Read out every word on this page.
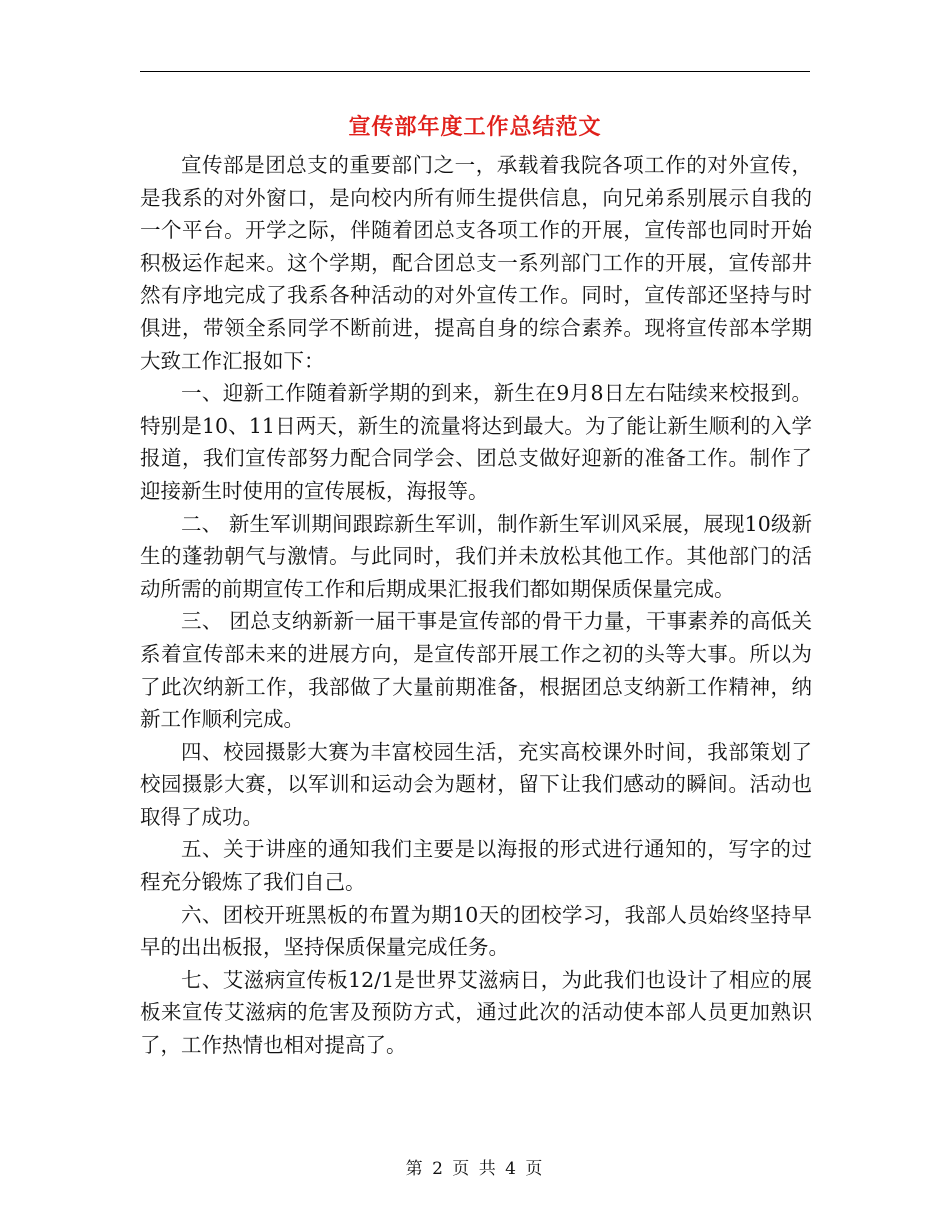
宣传部年度工作总结范文

宣传部是团总支的重要部门之一，承载着我院各项工作的对外宣传，是我系的对外窗口，是向校内所有师生提供信息，向兄弟系别展示自我的一个平台。开学之际，伴随着团总支各项工作的开展，宣传部也同时开始积极运作起来。这个学期，配合团总支一系列部门工作的开展，宣传部井然有序地完成了我系各种活动的对外宣传工作。同时，宣传部还坚持与时俱进，带领全系同学不断前进，提高自身的综合素养。现将宣传部本学期大致工作汇报如下：

一、迎新工作随着新学期的到来，新生在9月8日左右陆续来校报到。特别是10、11日两天，新生的流量将达到最大。为了能让新生顺利的入学报道，我们宣传部努力配合同学会、团总支做好迎新的准备工作。制作了迎接新生时使用的宣传展板，海报等。

二、 新生军训期间跟踪新生军训，制作新生军训风采展，展现10级新生的蓬勃朝气与激情。与此同时，我们并未放松其他工作。其他部门的活动所需的前期宣传工作和后期成果汇报我们都如期保质保量完成。

三、 团总支纳新新一届干事是宣传部的骨干力量，干事素养的高低关系着宣传部未来的进展方向，是宣传部开展工作之初的头等大事。所以为了此次纳新工作，我部做了大量前期准备，根据团总支纳新工作精神，纳新工作顺利完成。

四、校园摄影大赛为丰富校园生活，充实高校课外时间，我部策划了校园摄影大赛，以军训和运动会为题材，留下让我们感动的瞬间。活动也取得了成功。

五、关于讲座的通知我们主要是以海报的形式进行通知的，写字的过程充分锻炼了我们自己。

六、团校开班黑板的布置为期10天的团校学习，我部人员始终坚持早早的出出板报，坚持保质保量完成任务。

七、艾滋病宣传板12/1是世界艾滋病日，为此我们也设计了相应的展板来宣传艾滋病的危害及预防方式，通过此次的活动使本部人员更加熟识了，工作热情也相对提高了。

第 2 页 共 4 页
